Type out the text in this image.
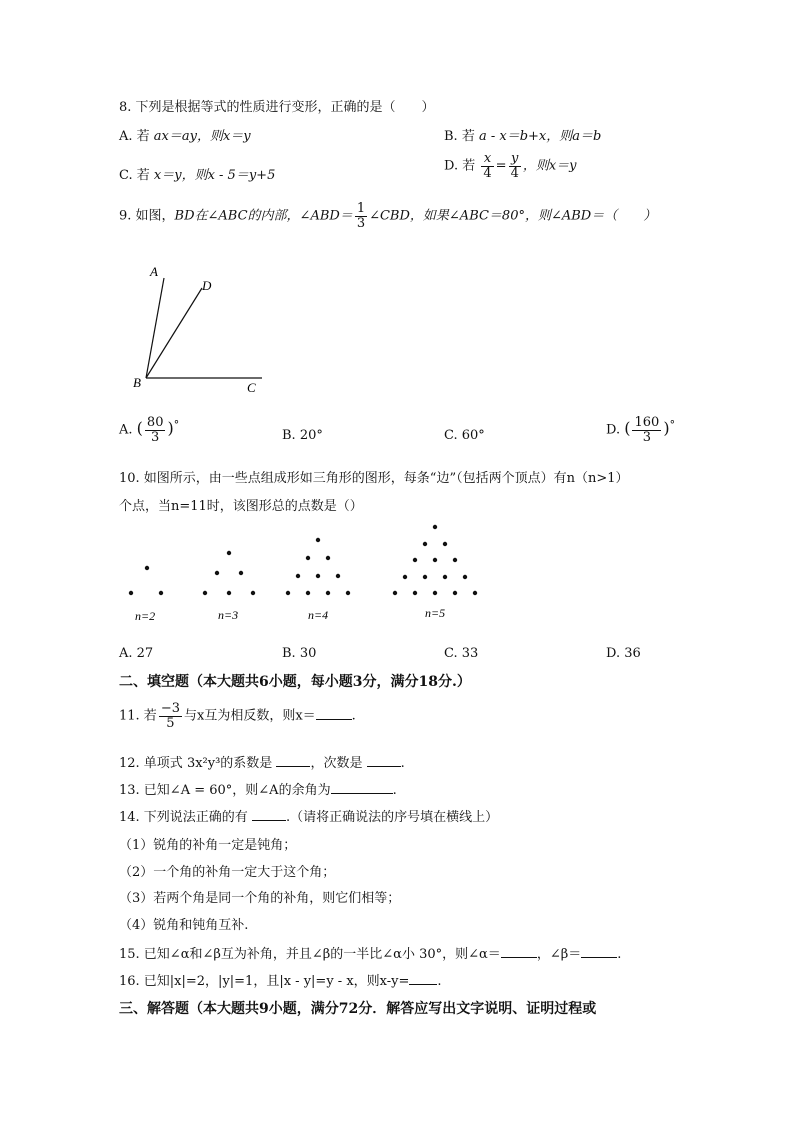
8. 下列是根据等式的性质进行变形，正确的是（　　）
A. 若 ax＝ay，则x＝y	B. 若 a - x＝b+x，则a＝b
C. 若 x＝y，则x - 5＝y+5
D. 若 $\frac{x}{4} = \frac{y}{4}$ ，则x＝y
9. 如图，BD在∠ABC的内部，∠ABD＝ $\frac{1}{3}$ ∠CBD，如果∠ABC＝80°，则∠ABD＝（　　）
A
D
B	C
A. ( $\frac{80}{3} )^\circ$
B. 20°	C. 60°	D. ( $\frac{160}{3} )^\circ$
10. 如图所示，由一些点组成形如三角形的图形，每条“边”（包括两个顶点）有n（n>1）
个点，当n=11时，该图形总的点数是（）
n=2	n=3	n=4	n=5
A. 27	B. 30	C. 33	D. 36
二、填空题（本大题共6小题，每小题3分，满分18分.）
11. 若 $\frac{-3}{5}$ 与x互为相反数，则x＝	.
12. 单项式 3x²y³的系数是	，次数是	.
13. 已知∠A = 60°，则∠A的余角为	.
14. 下列说法正确的有	.（请将正确说法的序号填在横线上）
（1）锐角的补角一定是钝角；
（2）一个角的补角一定大于这个角；
（3）若两个角是同一个角的补角，则它们相等；
（4）锐角和钝角互补.
15. 已知∠α和∠β互为补角，并且∠β的一半比∠α小 30°，则∠α＝	，∠β＝	.
16. 已知|x|=2，|y|=1，且|x - y|=y - x，则x-y= .
三、解答题（本大题共9小题，满分72分．解答应写出文字说明、证明过程或
